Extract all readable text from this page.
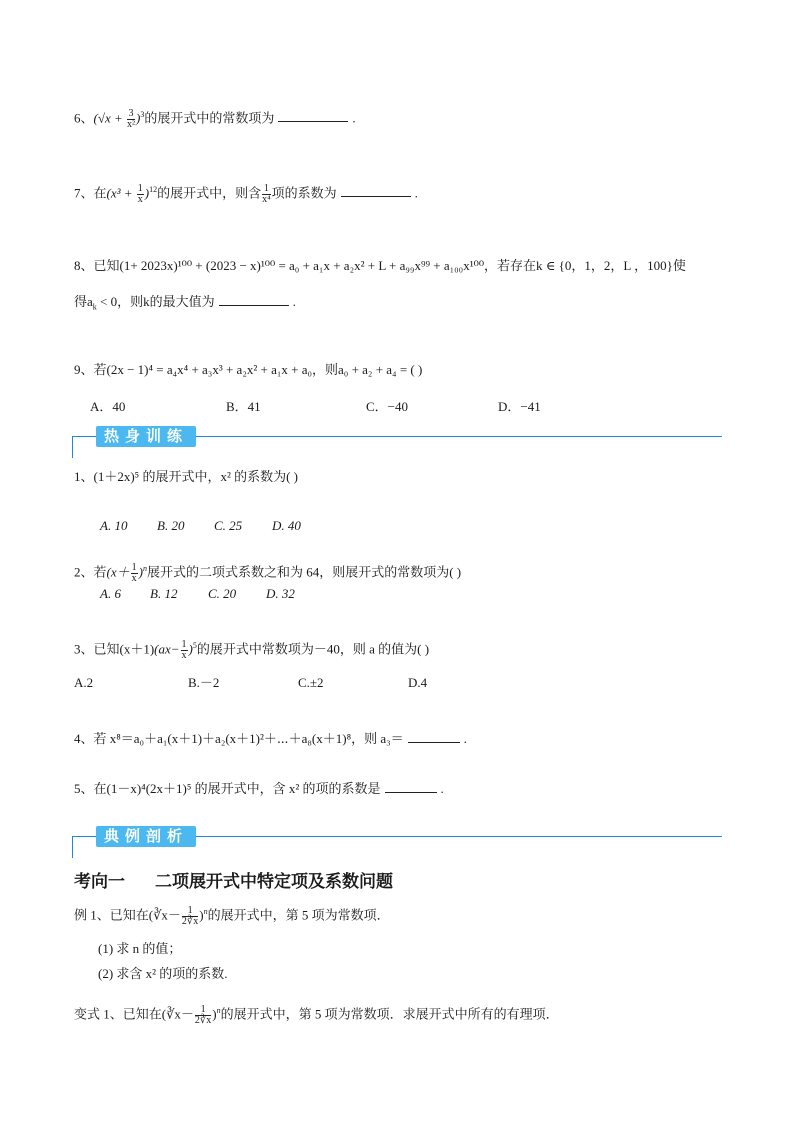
6、$(√x + \frac{3}{\text{x²}} )^3$的展开式中的常数项为	.
7、在$(x^3 + \frac{1}{x} )^{12}$的展开式中，则含 $\frac{1}{\text{x⁴}}$ 项的系数为	.
8、已知(1+ 2023x)¹⁰⁰ + (2023 − x)¹⁰⁰ = a₀ + a₁x + a₂x² + L + a₉₉x⁹⁹ + a₁₀₀x¹⁰⁰，若存在k ∈ {0，1，2，L ，100}使
得$a_k < 0$，则k的最大值为	.
9、若(2x − 1)⁴ = a₄x⁴ + a₃x³ + a₂x² + a₁x + a₀，则a₀ + a₂ + a₄ = ( )
A．40	B．41	C．−40	D．−41
热身训练
1、(1＋2x)⁵ 的展开式中，x² 的系数为( )
A. 10 B. 20 C. 25 D. 40
2、若$(x+ \frac{1}{x} )^n$展开式的二项式系数之和为 64，则展开式的常数项为( )
A. 6 B. 12 C. 20 D. 32
3、已知$(x+1)(ax- \frac{1}{x} )^5$的展开式中常数项为－40，则 a 的值为( )
A.2	B.－2	C.±2	D.4
4、若 x⁸＝a₀＋a₁(x＋1)＋a₂(x＋1)²＋⋯＋a₈(x＋1)⁸，则 a₃＝	.
5、在(1－x)⁴(2x＋1)⁵ 的展开式中，含 x² 的项的系数是	.
典例剖析
考向一 二项展开式中特定项及系数问题
例 1、已知在(∛x－ $\frac{1}{2∛x} )^n$的展开式中，第 5 项为常数项．
(1) 求 n 的值；
(2) 求含 x² 的项的系数.
变式 1、已知在(∛x－ $\frac{1}{2∛x} )^n$的展开式中，第 5 项为常数项．求展开式中所有的有理项．
